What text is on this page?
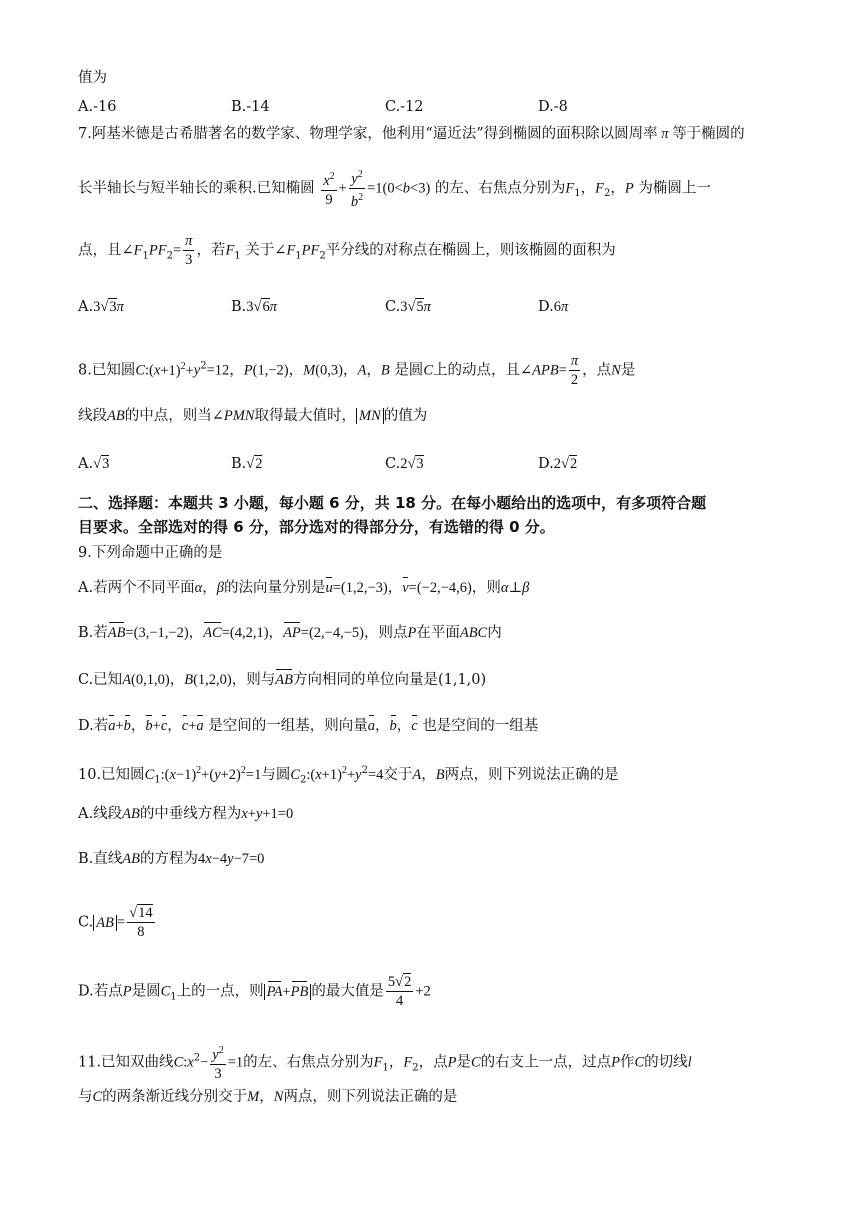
值为
A.-16	B.-14	C.-12	D.-8
7.阿基米德是古希腊著名的数学家、物理学家，他利用“逼近法”得到椭圆的面积除以圆周率 π 等于椭圆的
长半轴长与短半轴长的乘积.已知椭圆 $\frac{x^2}{9} + \frac{y^2}{b^2} =1(0<b<3)$ 的左、右焦点分别为$F_1$，$F_2$，P 为椭圆上一
点，且$\angle F_1PF_2= \frac{\pi}{3}$ ，若$F_1$ 关于$\angle F_1PF_2$平分线的对称点在椭圆上，则该椭圆的面积为
A.3√3π	B.3√6π	C.3√5π	D.6π
8.已知圆$C:(x+1)^2+y^2=12$，P(1,−2)，M(0,3)，A，B 是圆C上的动点，且∠APB= $\frac{\pi}{2}$ ，点N是
线段AB的中点，则当∠PMN取得最大值时， MN 的值为
A.√3	B.√2	C.2√3	D.2√2
二、选择题：本题共 3 小题，每小题 6 分，共 18 分。在每小题给出的选项中，有多项符合题
目要求。全部选对的得 6 分，部分选对的得部分分，有选错的得 0 分。
9.下列命题中正确的是
A.若两个不同平面α，β的法向量分别是u=(1,2,−3)，v=(−2,−4,6)，则α⊥β
B.若AB=(3,−1,−2)，AC=(4,2,1)，AP=(2,−4,−5)，则点P在平面ABC内
C.已知A(0,1,0)，B(1,2,0)，则与AB方向相同的单位向量是(1,1,0)
D.若a+b，b+c，c+a 是空间的一组基，则向量a，b，c 也是空间的一组基
10.已知圆$C_1:(x-1)^2+(y+2)^2=1$与圆$C_2:(x+1)^2+y^2=4$交于A，B两点，则下列说法正确的是
A.线段AB的中垂线方程为x+y+1=0
B.直线AB的方程为4x−4y−7=0
C. AB = $\frac{√14}{8}$
D.若点P是圆$C_1$上的一点，则 PA+PB 的最大值是 $\frac{5√2}{4} +2$
11.已知双曲线$C:x^2- \frac{y^2}{3} =1$的左、右焦点分别为$F_1$，$F_2$，点P是C的右支上一点，过点P作C的切线l
与C的两条渐近线分别交于M，N两点，则下列说法正确的是
